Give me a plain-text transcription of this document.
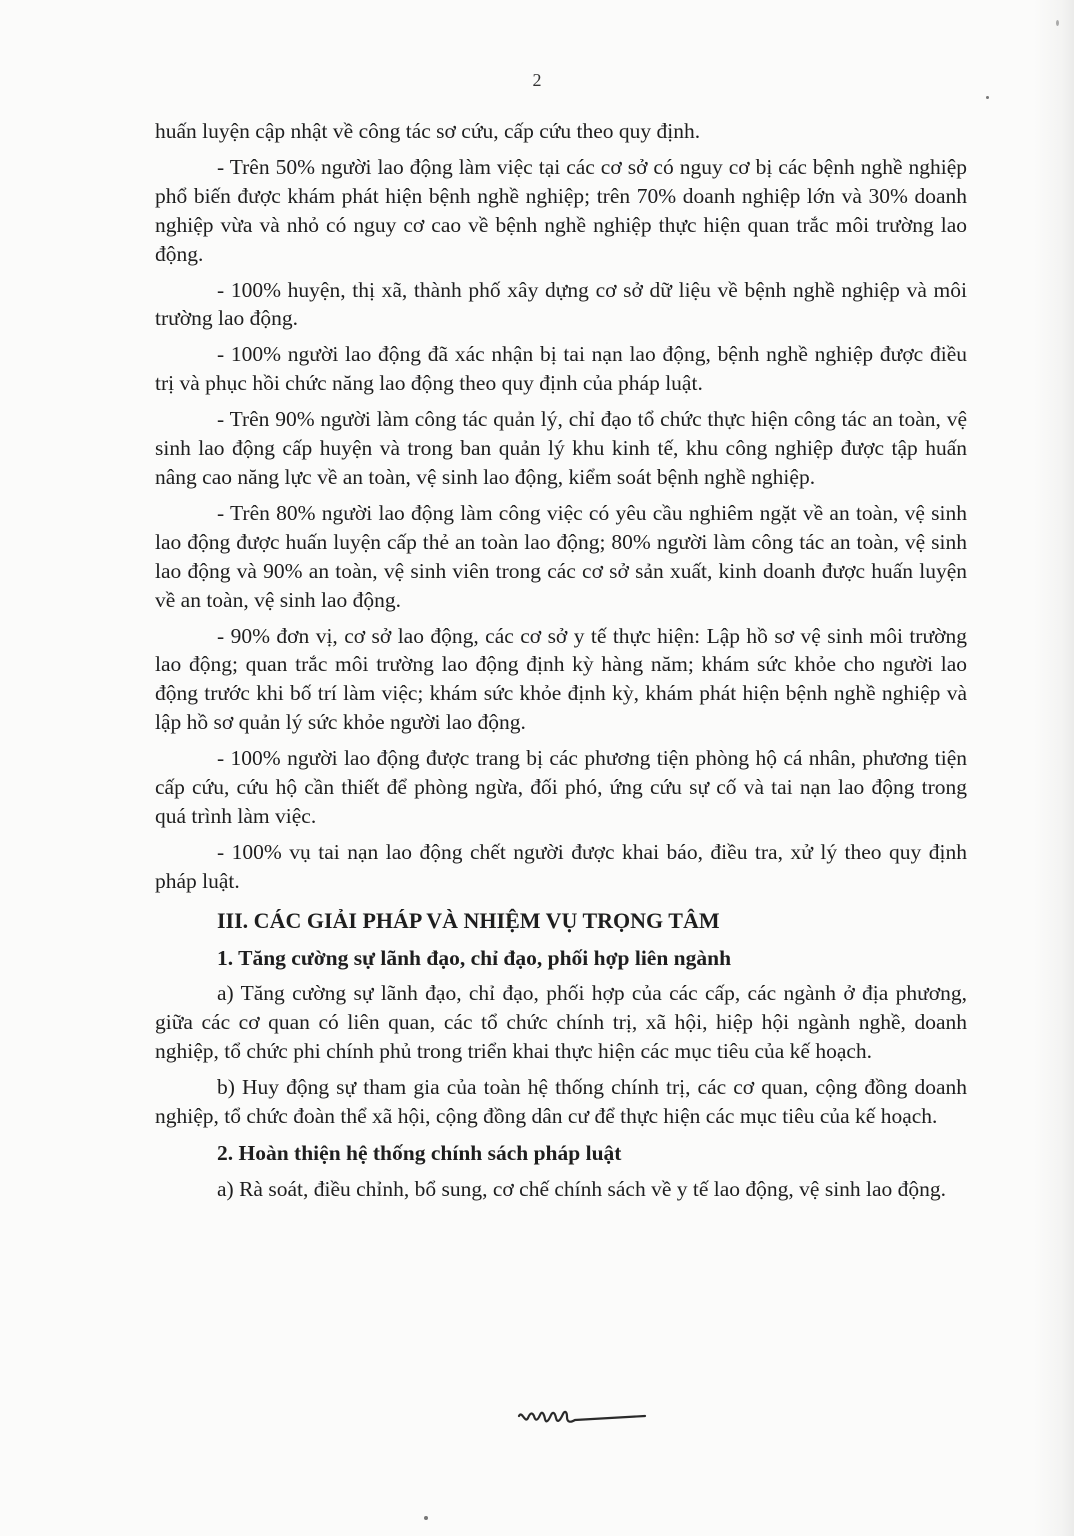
2

huấn luyện cập nhật về công tác sơ cứu, cấp cứu theo quy định.

- Trên 50% người lao động làm việc tại các cơ sở có nguy cơ bị các bệnh nghề nghiệp phổ biến được khám phát hiện bệnh nghề nghiệp; trên 70% doanh nghiệp lớn và 30% doanh nghiệp vừa và nhỏ có nguy cơ cao về bệnh nghề nghiệp thực hiện quan trắc môi trường lao động.

- 100% huyện, thị xã, thành phố xây dựng cơ sở dữ liệu về bệnh nghề nghiệp và môi trường lao động.

- 100% người lao động đã xác nhận bị tai nạn lao động, bệnh nghề nghiệp được điều trị và phục hồi chức năng lao động theo quy định của pháp luật.

- Trên 90% người làm công tác quản lý, chỉ đạo tổ chức thực hiện công tác an toàn, vệ sinh lao động cấp huyện và trong ban quản lý khu kinh tế, khu công nghiệp được tập huấn nâng cao năng lực về an toàn, vệ sinh lao động, kiểm soát bệnh nghề nghiệp.

- Trên 80% người lao động làm công việc có yêu cầu nghiêm ngặt về an toàn, vệ sinh lao động được huấn luyện cấp thẻ an toàn lao động; 80% người làm công tác an toàn, vệ sinh lao động và 90% an toàn, vệ sinh viên trong các cơ sở sản xuất, kinh doanh được huấn luyện về an toàn, vệ sinh lao động.

- 90% đơn vị, cơ sở lao động, các cơ sở y tế thực hiện: Lập hồ sơ vệ sinh môi trường lao động; quan trắc môi trường lao động định kỳ hàng năm; khám sức khỏe cho người lao động trước khi bố trí làm việc; khám sức khỏe định kỳ, khám phát hiện bệnh nghề nghiệp và lập hồ sơ quản lý sức khỏe người lao động.

- 100% người lao động được trang bị các phương tiện phòng hộ cá nhân, phương tiện cấp cứu, cứu hộ cần thiết để phòng ngừa, đối phó, ứng cứu sự cố và tai nạn lao động trong quá trình làm việc.

- 100% vụ tai nạn lao động chết người được khai báo, điều tra, xử lý theo quy định pháp luật.

III. CÁC GIẢI PHÁP VÀ NHIỆM VỤ TRỌNG TÂM

1. Tăng cường sự lãnh đạo, chỉ đạo, phối hợp liên ngành

a) Tăng cường sự lãnh đạo, chỉ đạo, phối hợp của các cấp, các ngành ở địa phương, giữa các cơ quan có liên quan, các tổ chức chính trị, xã hội, hiệp hội ngành nghề, doanh nghiệp, tổ chức phi chính phủ trong triển khai thực hiện các mục tiêu của kế hoạch.

b) Huy động sự tham gia của toàn hệ thống chính trị, các cơ quan, cộng đồng doanh nghiệp, tổ chức đoàn thể xã hội, cộng đồng dân cư để thực hiện các mục tiêu của kế hoạch.

2. Hoàn thiện hệ thống chính sách pháp luật

a) Rà soát, điều chỉnh, bổ sung, cơ chế chính sách về y tế lao động, vệ sinh lao động.
